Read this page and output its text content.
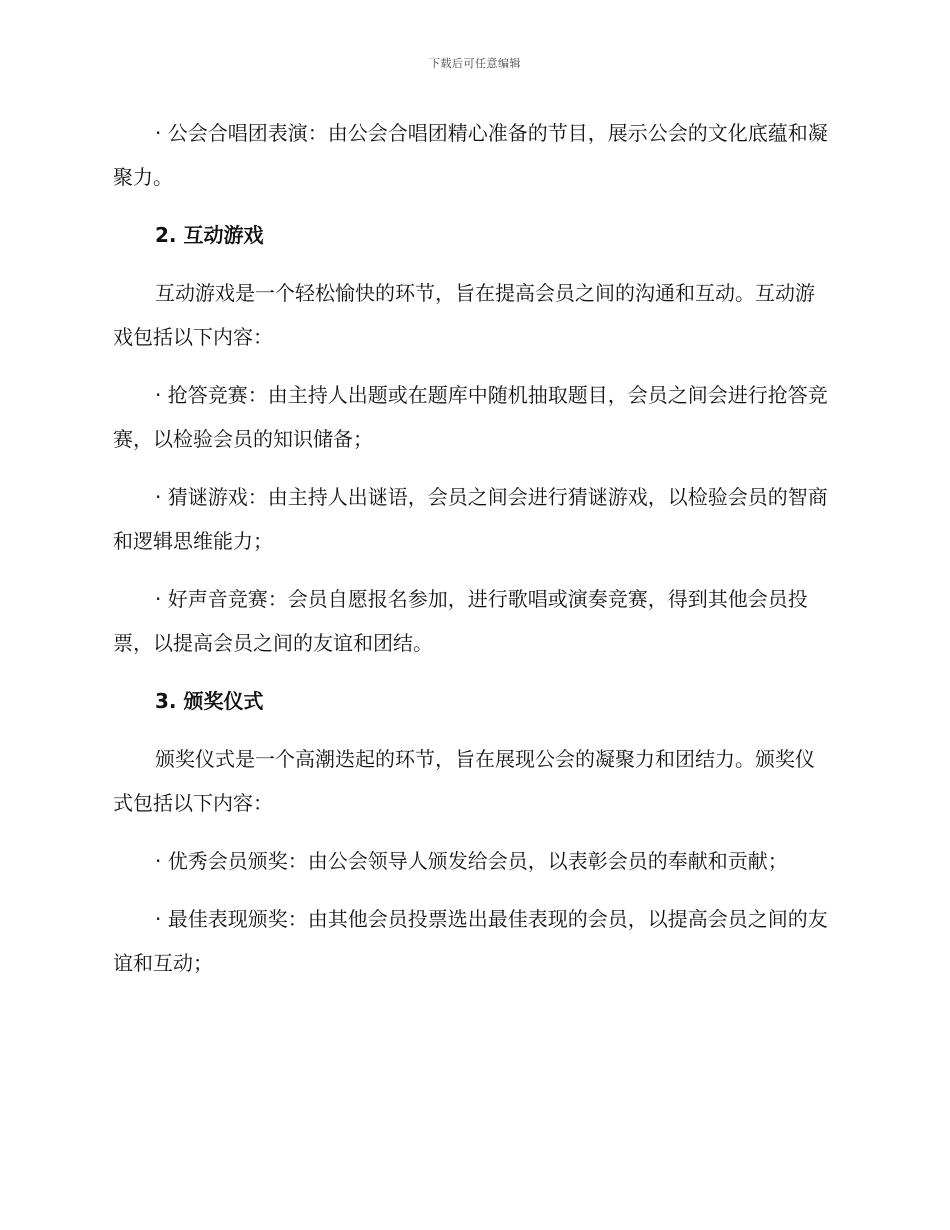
下载后可任意编辑

· 公会合唱团表演：由公会合唱团精心准备的节目，展示公会的文化底蕴和凝聚力。

2. 互动游戏

互动游戏是一个轻松愉快的环节，旨在提高会员之间的沟通和互动。互动游戏包括以下内容：

· 抢答竞赛：由主持人出题或在题库中随机抽取题目，会员之间会进行抢答竞赛，以检验会员的知识储备；

· 猜谜游戏：由主持人出谜语，会员之间会进行猜谜游戏，以检验会员的智商和逻辑思维能力；

· 好声音竞赛：会员自愿报名参加，进行歌唱或演奏竞赛，得到其他会员投票，以提高会员之间的友谊和团结。

3. 颁奖仪式

颁奖仪式是一个高潮迭起的环节，旨在展现公会的凝聚力和团结力。颁奖仪式包括以下内容：

· 优秀会员颁奖：由公会领导人颁发给会员，以表彰会员的奉献和贡献；

· 最佳表现颁奖：由其他会员投票选出最佳表现的会员，以提高会员之间的友谊和互动；
